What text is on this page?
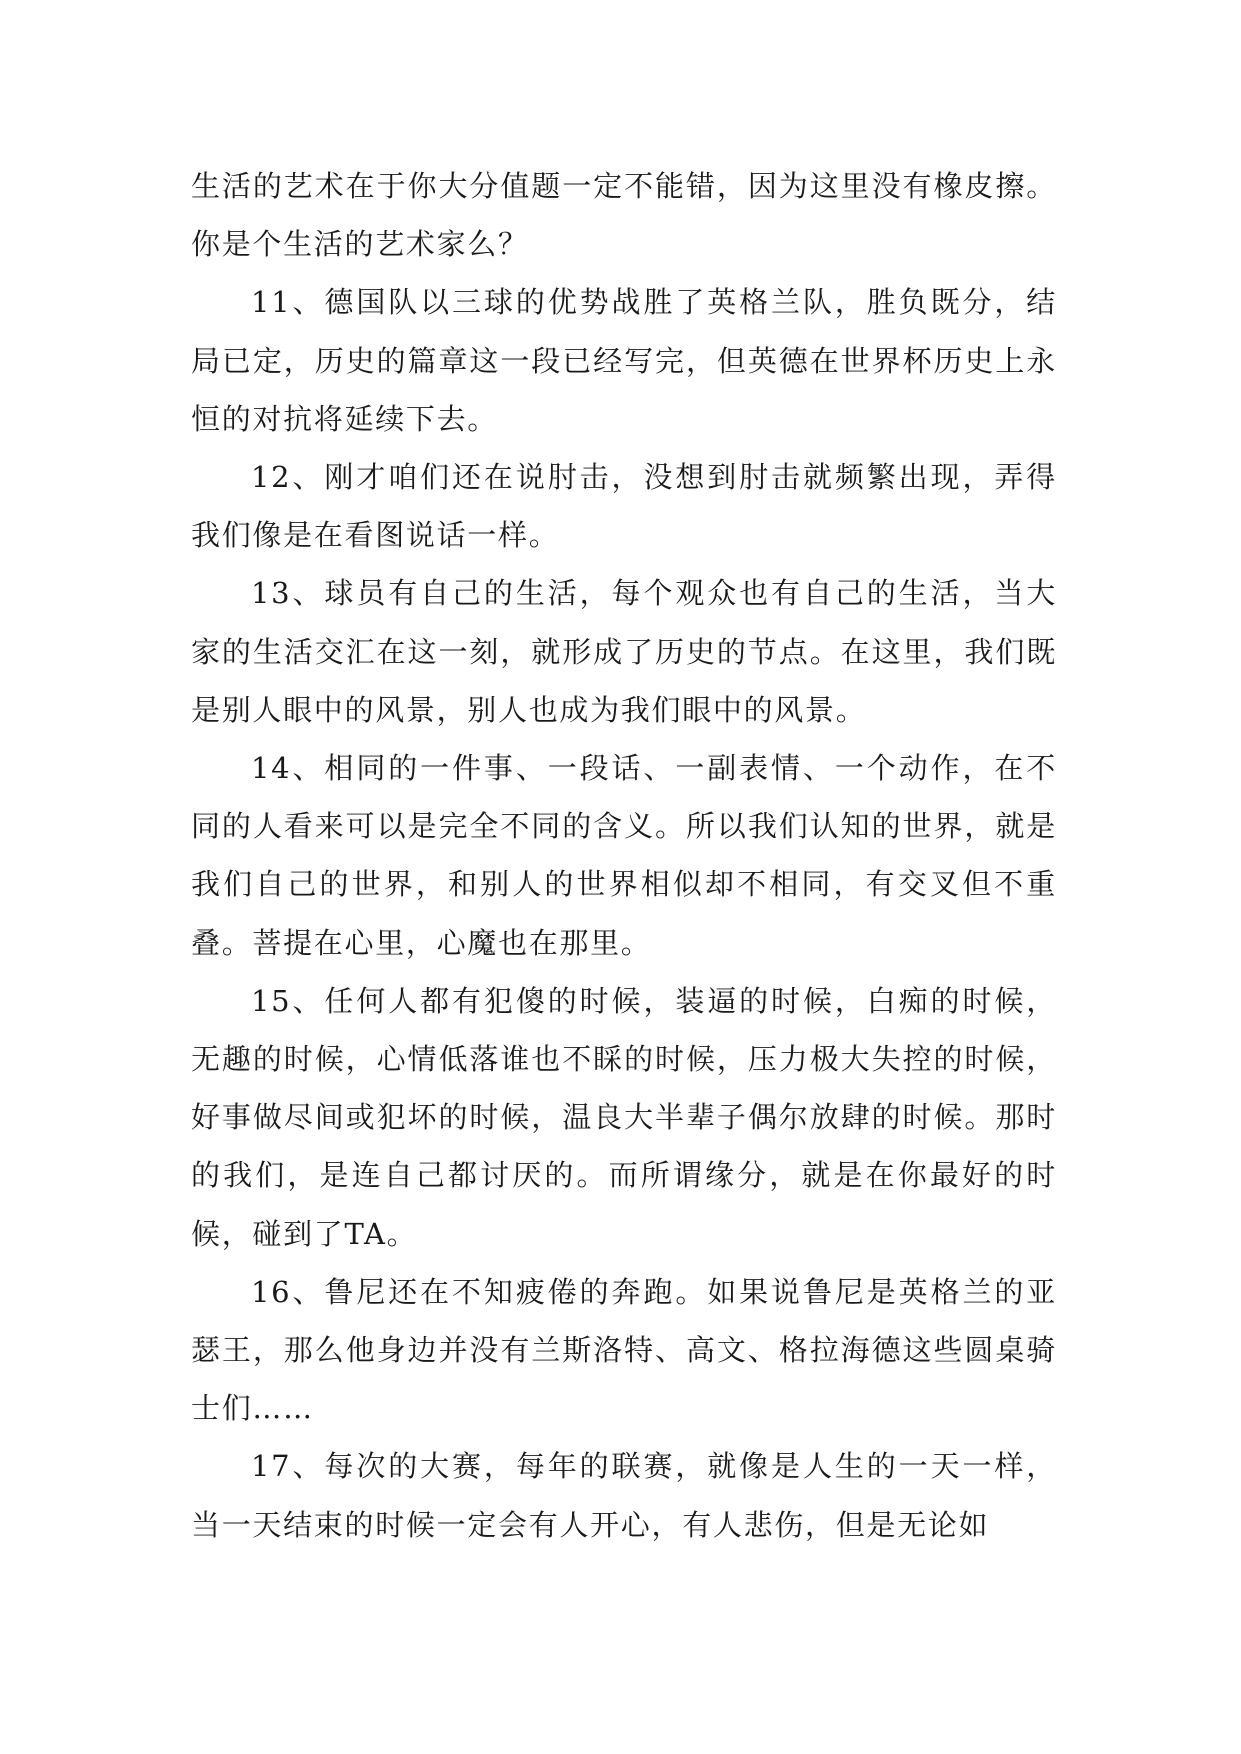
生活的艺术在于你大分值题一定不能错，因为这里没有橡皮擦。你是个生活的艺术家么？

11、德国队以三球的优势战胜了英格兰队，胜负既分，结局已定，历史的篇章这一段已经写完，但英德在世界杯历史上永恒的对抗将延续下去。

12、刚才咱们还在说肘击，没想到肘击就频繁出现，弄得我们像是在看图说话一样。

13、球员有自己的生活，每个观众也有自己的生活，当大家的生活交汇在这一刻，就形成了历史的节点。在这里，我们既是别人眼中的风景，别人也成为我们眼中的风景。

14、相同的一件事、一段话、一副表情、一个动作，在不同的人看来可以是完全不同的含义。所以我们认知的世界，就是我们自己的世界，和别人的世界相似却不相同，有交叉但不重叠。菩提在心里，心魔也在那里。

15、任何人都有犯傻的时候，装逼的时候，白痴的时候，无趣的时候，心情低落谁也不睬的时候，压力极大失控的时候，好事做尽间或犯坏的时候，温良大半辈子偶尔放肆的时候。那时的我们，是连自己都讨厌的。而所谓缘分，就是在你最好的时候，碰到了TA。

16、鲁尼还在不知疲倦的奔跑。如果说鲁尼是英格兰的亚瑟王，那么他身边并没有兰斯洛特、高文、格拉海德这些圆桌骑士们……

17、每次的大赛，每年的联赛，就像是人生的一天一样，当一天结束的时候一定会有人开心，有人悲伤，但是无论如
